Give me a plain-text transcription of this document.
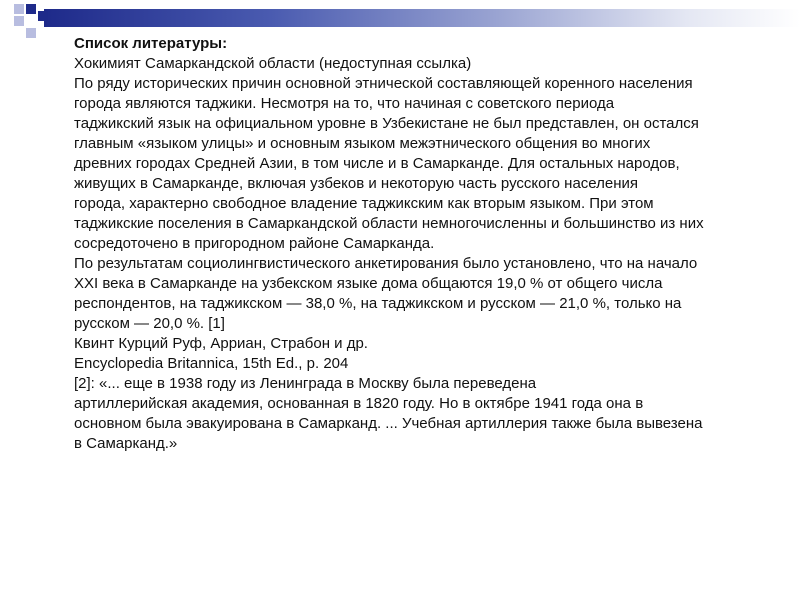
Список литературы:
Хокимият Самаркандской области (недоступная ссылка)
По ряду исторических причин основной этнической составляющей коренного населения
города являются таджики. Несмотря на то, что начиная с советского периода
таджикский язык на официальном уровне в Узбекистане не был представлен, он остался
главным «языком улицы» и основным языком межэтнического общения во многих
древних городах Средней Азии, в том числе и в Самарканде. Для остальных народов,
живущих в Самарканде, включая узбеков и некоторую часть русского населения
города, характерно свободное владение таджикским как вторым языком. При этом
таджикские поселения в Самаркандской области немногочисленны и большинство из них
сосредоточено в пригородном районе Самарканда.
По результатам социолингвистического анкетирования было установлено, что на начало
XXI века в Самарканде на узбекском языке дома общаются 19,0 % от общего числа
респондентов, на таджикском — 38,0 %, на таджикском и русском — 21,0 %, только на
русском — 20,0 %. [1]
Квинт Курций Руф, Арриан, Страбон и др.
Encyclopedia Britannica, 15th Ed., p. 204
[2]: «... еще в 1938 году из Ленинграда в Москву была переведена
артиллерийская академия, основанная в 1820 году. Но в октябре 1941 года она в
основном была эвакуирована в Самарканд. ... Учебная артиллерия также была вывезена
в Самарканд.»
